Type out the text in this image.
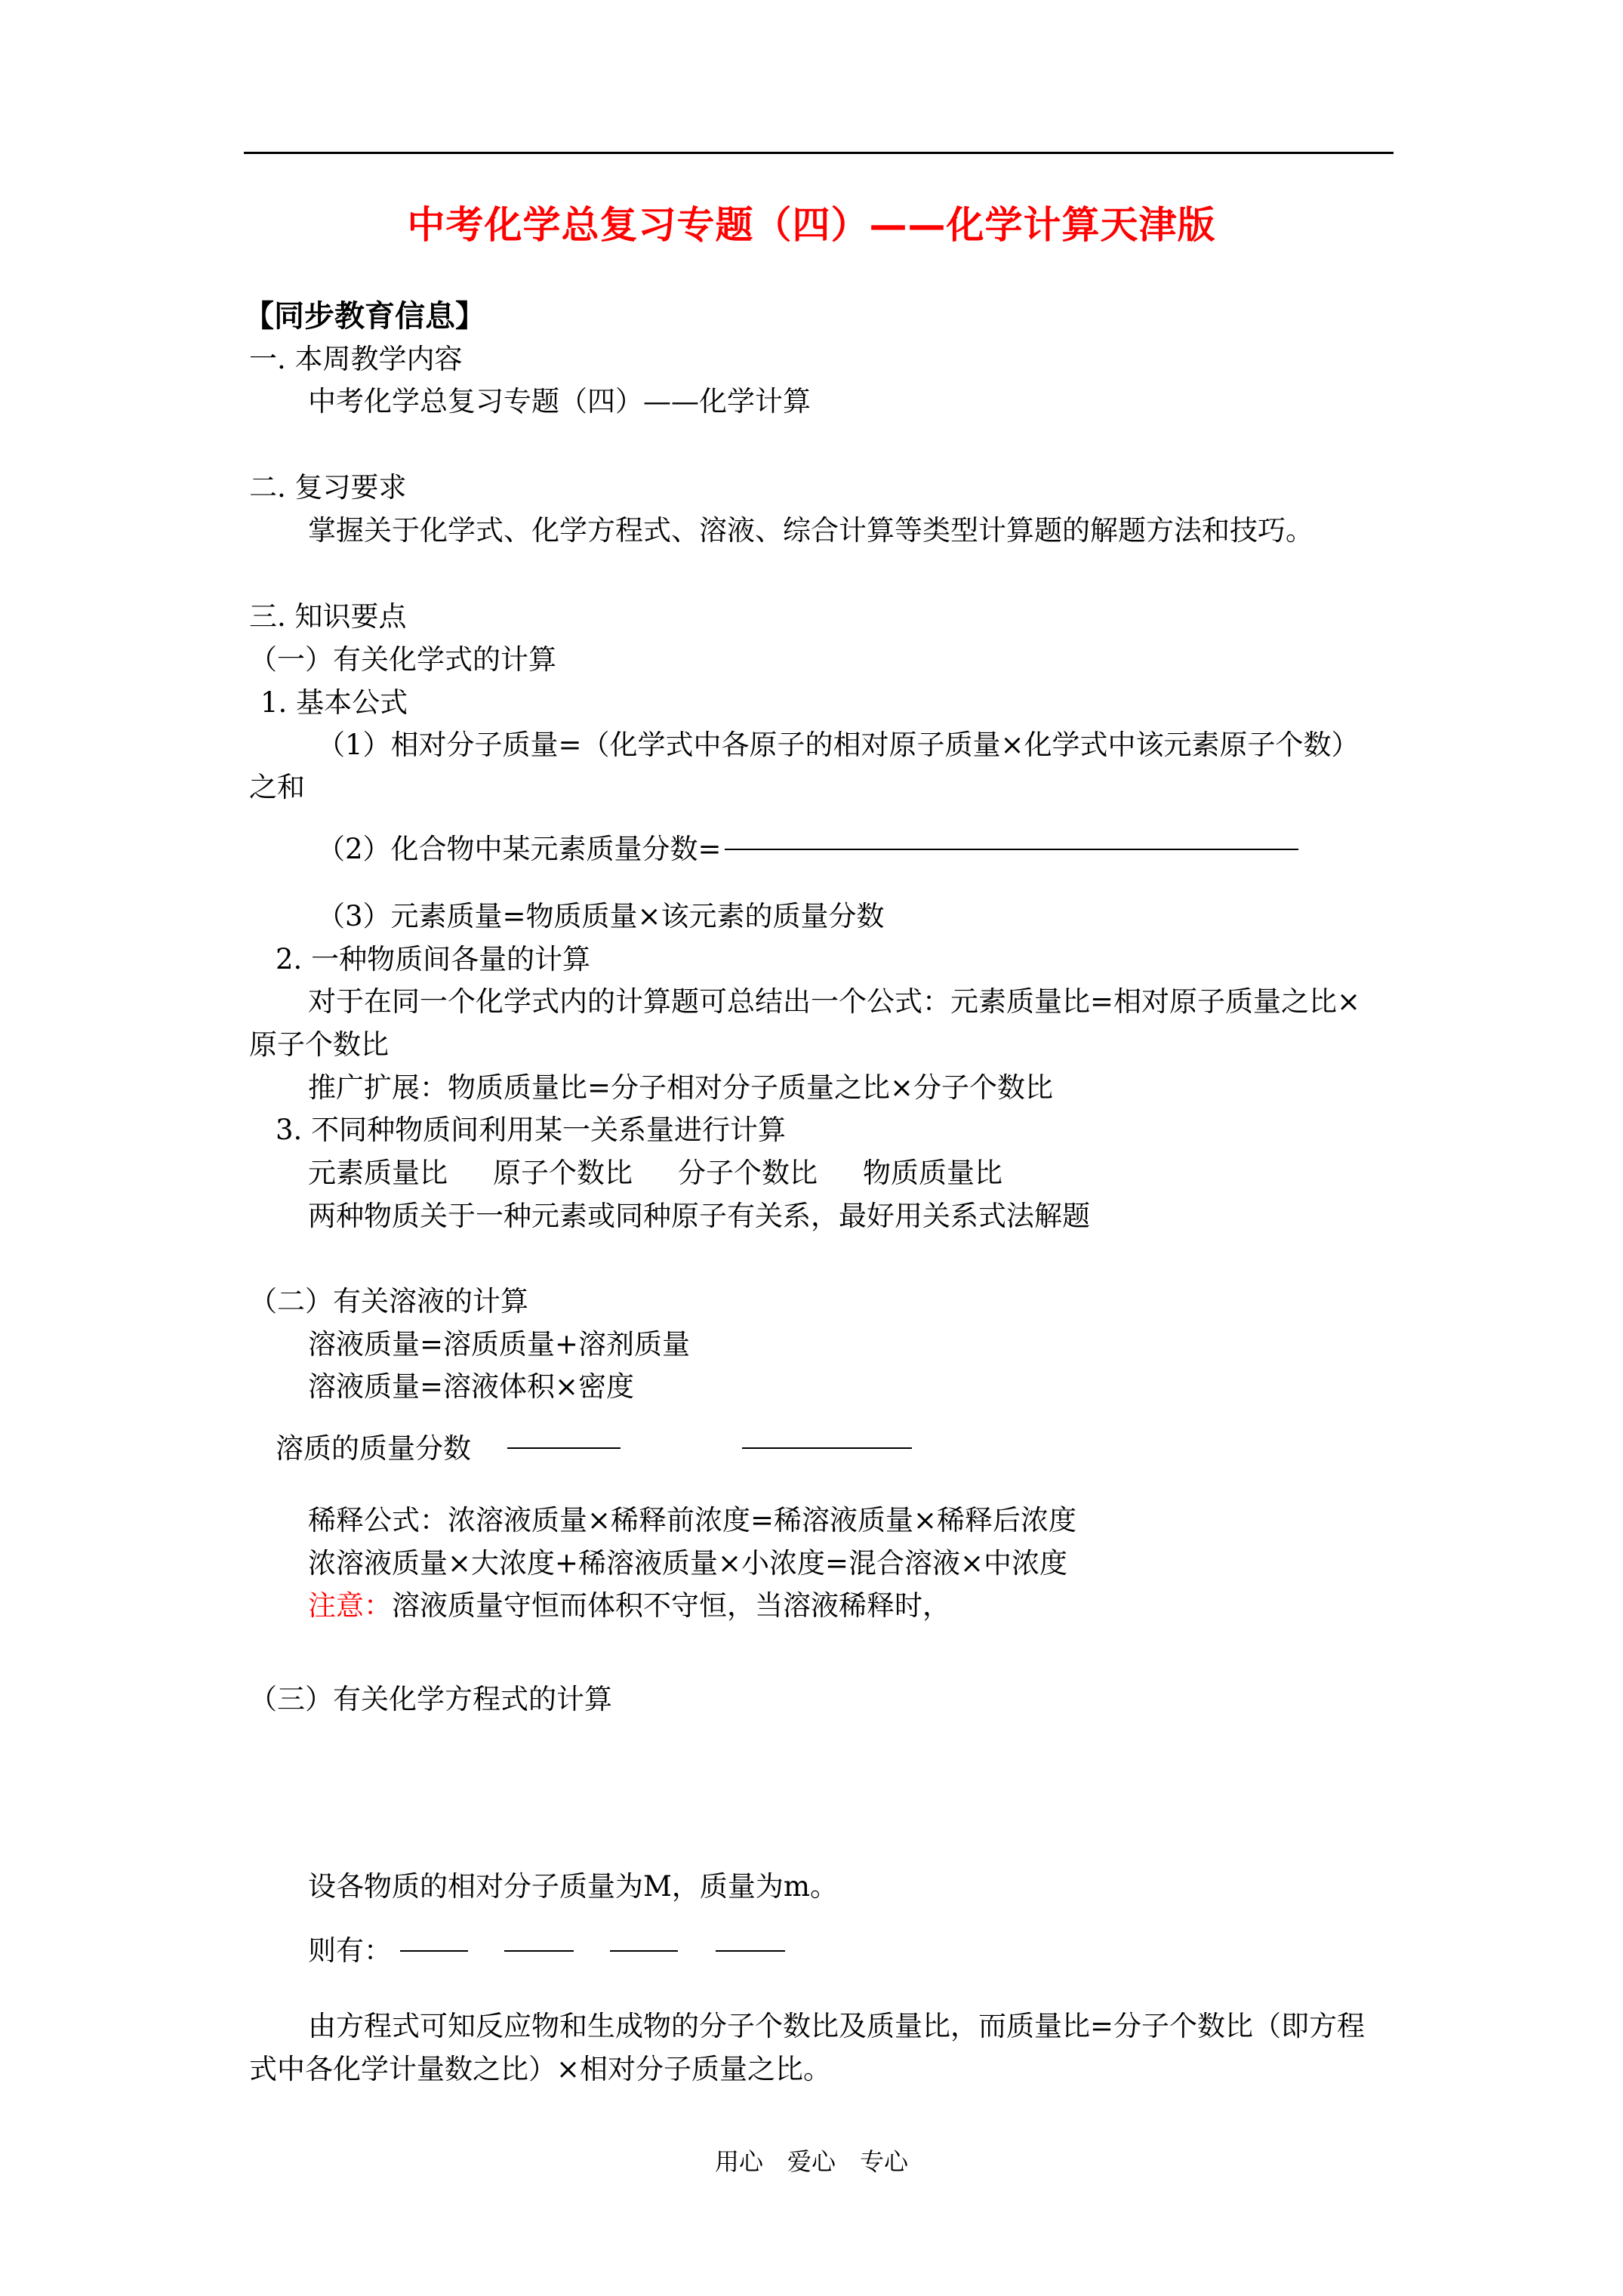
中考化学总复习专题（四）——化学计算天津版
【同步教育信息】
一. 本周教学内容
中考化学总复习专题（四）——化学计算
二. 复习要求
掌握关于化学式、化学方程式、溶液、综合计算等类型计算题的解题方法和技巧。
三. 知识要点
（一）有关化学式的计算
1. 基本公式
（1）相对分子质量=（化学式中各原子的相对原子质量×化学式中该元素原子个数）
之和
（2）化合物中某元素质量分数=
（3）元素质量=物质质量×该元素的质量分数
2. 一种物质间各量的计算
对于在同一个化学式内的计算题可总结出一个公式：元素质量比=相对原子质量之比×
原子个数比
推广扩展：物质质量比=分子相对分子质量之比×分子个数比
3. 不同种物质间利用某一关系量进行计算
元素质量比 原子个数比 分子个数比 物质质量比
两种物质关于一种元素或同种原子有关系，最好用关系式法解题
（二）有关溶液的计算
溶液质量=溶质质量+溶剂质量
溶液质量=溶液体积×密度
溶质的质量分数
稀释公式：浓溶液质量×稀释前浓度=稀溶液质量×稀释后浓度
浓溶液质量×大浓度+稀溶液质量×小浓度=混合溶液×中浓度
注意：溶液质量守恒而体积不守恒，当溶液稀释时，
（三）有关化学方程式的计算
设各物质的相对分子质量为M，质量为m。
则有：
由方程式可知反应物和生成物的分子个数比及质量比，而质量比=分子个数比（即方程
式中各化学计量数之比）×相对分子质量之比。
用心　爱心　专心
